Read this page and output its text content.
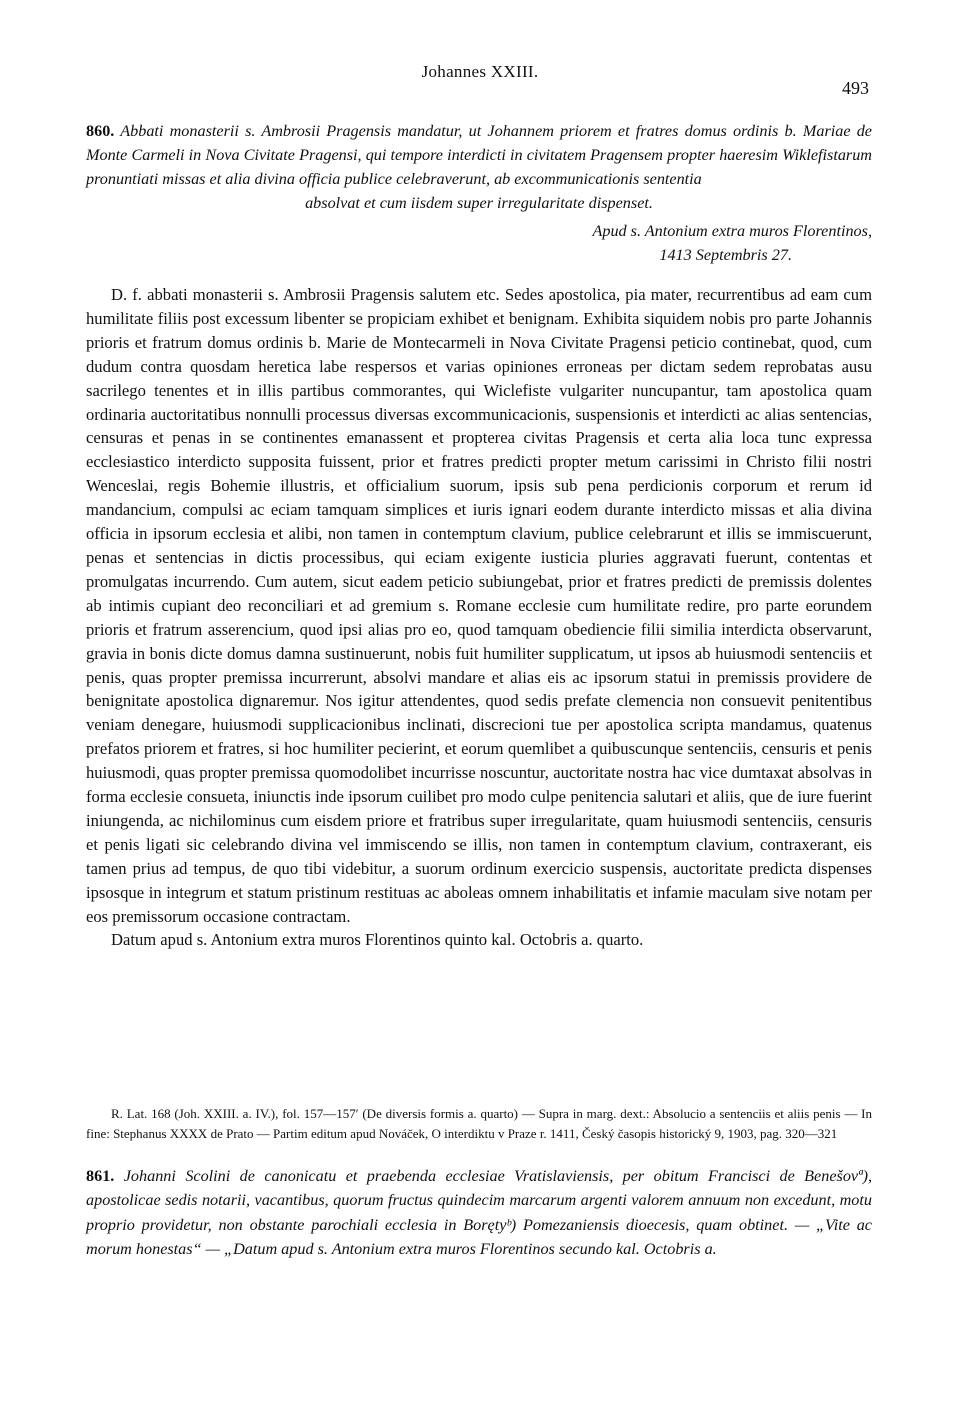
Johannes XXIII.
493
860. Abbati monasterii s. Ambrosii Pragensis mandatur, ut Johannem priorem et fratres domus ordinis b. Mariae de Monte Carmeli in Nova Civitate Pragensi, qui tempore interdicti in civitatem Pragensem propter haeresim Wiklefistarum pronuntiati missas et alia divina officia publice celebraverunt, ab excommunicationis sententia
absolvat et cum iisdem super irregularitate dispenset.
Apud s. Antonium extra muros Florentinos,
1413 Septembris 27.

D. f. abbati monasterii s. Ambrosii Pragensis salutem etc. Sedes apostolica, pia mater, recurrentibus ad eam cum humilitate filiis post excessum libenter se propiciam exhibet et benignam. Exhibita siquidem nobis pro parte Johannis prioris et fratrum domus ordinis b. Marie de Montecarmeli in Nova Civitate Pragensi peticio continebat, quod, cum dudum contra quosdam heretica labe respersos et varias opiniones erroneas per dictam sedem reprobatas ausu sacrilego tenentes et in illis partibus commorantes, qui Wiclefiste vulgariter nuncupantur, tam apostolica quam ordinaria auctoritatibus nonnulli processus diversas excommunicacionis, suspensionis et interdicti ac alias sentencias, censuras et penas in se continentes emanassent et propterea civitas Pragensis et certa alia loca tunc expressa ecclesiastico interdicto supposita fuissent, prior et fratres predicti propter metum carissimi in Christo filii nostri Wenceslai, regis Bohemie illustris, et officialium suorum, ipsis sub pena perdicionis corporum et rerum id mandancium, compulsi ac eciam tamquam simplices et iuris ignari eodem durante interdicto missas et alia divina officia in ipsorum ecclesia et alibi, non tamen in contemptum clavium, publice celebrarunt et illis se immiscuerunt, penas et sentencias in dictis processibus, qui eciam exigente iusticia pluries aggravati fuerunt, contentas et promulgatas incurrendo. Cum autem, sicut eadem peticio subiungebat, prior et fratres predicti de premissis dolentes ab intimis cupiant deo reconciliari et ad gremium s. Romane ecclesie cum humilitate redire, pro parte eorundem prioris et fratrum asserencium, quod ipsi alias pro eo, quod tamquam obediencie filii similia interdicta observarunt, gravia in bonis dicte domus damna sustinuerunt, nobis fuit humiliter supplicatum, ut ipsos ab huiusmodi sentenciis et penis, quas propter premissa incurrerunt, absolvi mandare et alias eis ac ipsorum statui in premissis providere de benignitate apostolica dignaremur. Nos igitur attendentes, quod sedis prefate clemencia non consuevit penitentibus veniam denegare, huiusmodi supplicacionibus inclinati, discrecioni tue per apostolica scripta mandamus, quatenus prefatos priorem et fratres, si hoc humiliter pecierint, et eorum quemlibet a quibuscunque sentenciis, censuris et penis huiusmodi, quas propter premissa quomodolibet incurrisse noscuntur, auctoritate nostra hac vice dumtaxat absolvas in forma ecclesie consueta, iniunctis inde ipsorum cuilibet pro modo culpe penitencia salutari et aliis, que de iure fuerint iniungenda, ac nichilominus cum eisdem priore et fratribus super irregularitate, quam huiusmodi sentenciis, censuris et penis ligati sic celebrando divina vel immiscendo se illis, non tamen in contemptum clavium, contraxerant, eis tamen prius ad tempus, de quo tibi videbitur, a suorum ordinum exercicio suspensis, auctoritate predicta dispenses ipsosque in integrum et statum pristinum restituas ac aboleas omnem inhabilitatis et infamie maculam sive notam per eos premissorum occasione contractam.

Datum apud s. Antonium extra muros Florentinos quinto kal. Octobris a. quarto.

R. Lat. 168 (Joh. XXIII. a. IV.), fol. 157—157′ (De diversis formis a. quarto) — Supra in marg. dext.: Absolucio a sentenciis et aliis penis — In fine: Stephanus XXXX de Prato — Partim editum apud Nováček, O interdiktu v Praze r. 1411, Český časopis historický 9, 1903, pag. 320—321

861. Johanni Scolini de canonicatu et praebenda ecclesiae Vratislaviensis, per obitum Francisci de Benešovª), apostolicae sedis notarii, vacantibus, quorum fructus quindecim marcarum argenti valorem annuum non excedunt, motu proprio providetur, non obstante parochiali ecclesia in Borętyᵇ) Pomezaniensis dioecesis, quam obtinet. — „Vite ac morum honestas“ — „Datum apud s. Antonium extra muros Florentinos secundo kal. Octobris a.
